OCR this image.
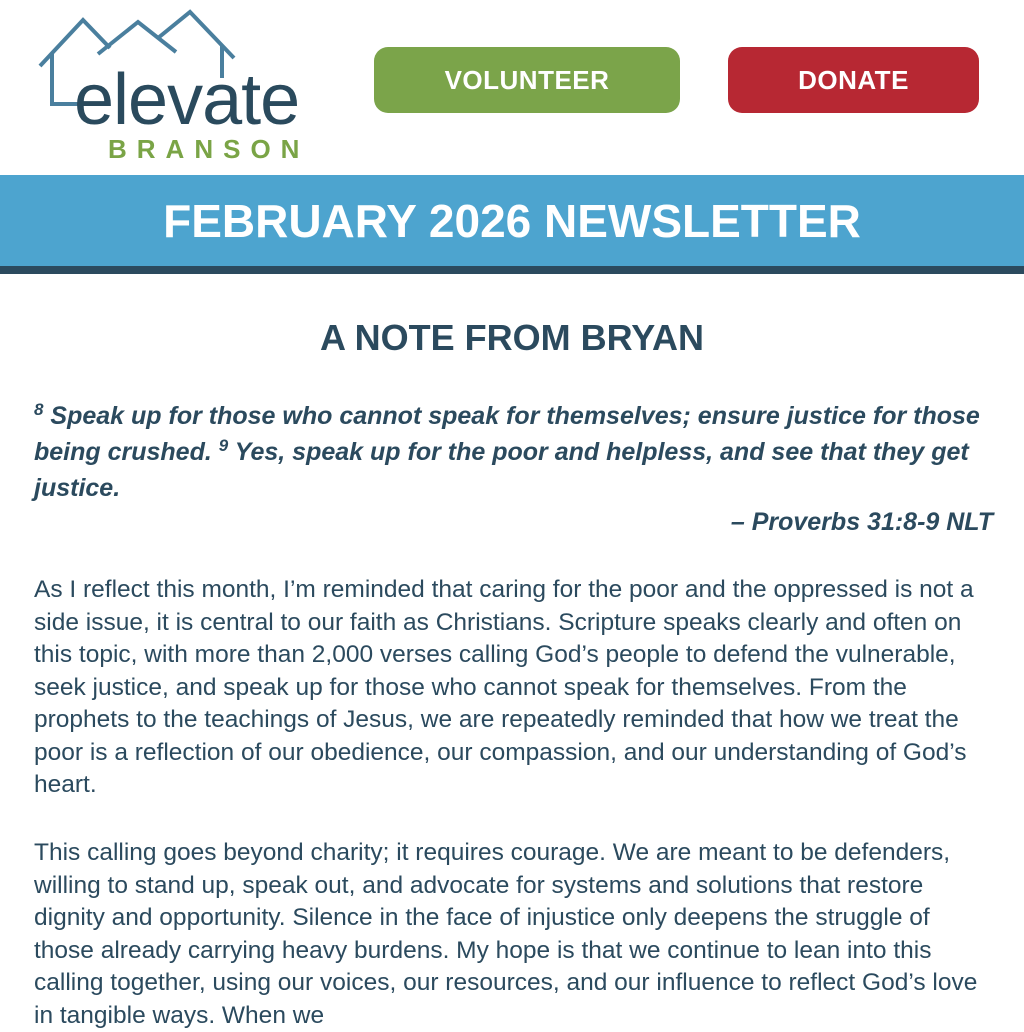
elevate
BRANSON
VOLUNTEER	DONATE
FEBRUARY 2026 NEWSLETTER
A NOTE FROM BRYAN
$^8$ Speak up for those who cannot speak for themselves; ensure justice for those being crushed. $^9$ Yes, speak up for the poor and helpless, and see that they get justice.
– Proverbs 31:8-9 NLT

As I reflect this month, I’m reminded that caring for the poor and the oppressed is not a side issue, it is central to our faith as Christians. Scripture speaks clearly and often on this topic, with more than 2,000 verses calling God’s people to defend the vulnerable, seek justice, and speak up for those who cannot speak for themselves. From the prophets to the teachings of Jesus, we are repeatedly reminded that how we treat the poor is a reflection of our obedience, our compassion, and our understanding of God’s heart.

This calling goes beyond charity; it requires courage. We are meant to be defenders, willing to stand up, speak out, and advocate for systems and solutions that restore dignity and opportunity. Silence in the face of injustice only deepens the struggle of those already carrying heavy burdens. My hope is that we continue to lean into this calling together, using our voices, our resources, and our influence to reflect God’s love in tangible ways. When we
